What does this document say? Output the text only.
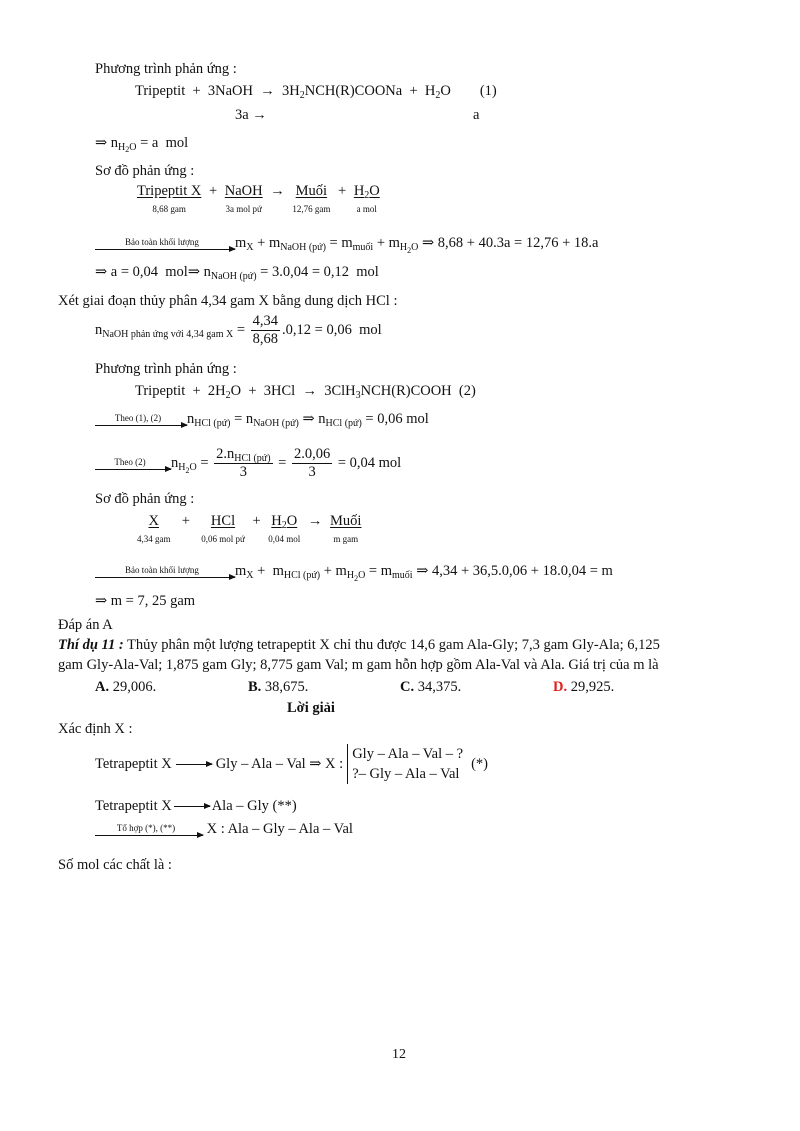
Phương trình phản ứng :
Tripeptit  +  3NaOH  →  $3H_2NCH(R)COONa + H_2O$        (1)
3a →	a
⇒ $n_{H_2O} = a$  mol
Sơ đồ phản ứng :
Tripeptit X
8,68 gam
+ NaOH
3a mol pứ
→ Muối
12,76 gam
+ $H_2O$
a mol
Bảo toàn khối lượng	$m_X + m_{NaOH (pứ)} = m_{muối} + m_{H_2O}$ ⇒ 8,68 + 40.3a = 12,76 + 18.a
⇒ a = 0,04  mol⇒ $n_{NaOH (pứ)} = 3.0,04 = 0,12$  mol
Xét giai đoạn thủy phân 4,34 gam X bằng dung dịch HCl :
$n_{NaOH phản ứng với 4,34 gam X} = \frac{4,34}{8,68} .0,12 = 0,06$  mol
Phương trình phản ứng :
Tripeptit  +  $2H_2O + 3HCl$  →  3ClH$_3$NCH(R)COOH  (2)
Theo (1), (2)	$n_{HCl (pứ)} = n_{NaOH (pứ)}$ ⇒ $n_{HCl (pứ)} = 0,06$ mol
Theo (2)	$n_{H_2O} = \frac{2.n_{HCl (pứ)}}{3} = \frac{2.0,06}{3} = 0,04$ mol
Sơ đồ phản ứng :
X
4,34 gam
+	HCl
0,06 mol pứ
+ $H_2O$
0,04 mol
→ Muối
m gam
Bảo toàn khối lượng	$m_X + m_{HCl (pứ)} + m_{H_2O} = m_{muối}$ ⇒ 4,34 + 36,5.0,06 + 18.0,04 = m
⇒ m = 7, 25 gam
Đáp án A
Thí dụ 11 : Thủy phân một lượng tetrapeptit X chỉ thu được 14,6 gam Ala-Gly; 7,3 gam Gly-Ala; 6,125
gam Gly-Ala-Val; 1,875 gam Gly; 8,775 gam Val; m gam hỗn hợp gồm Ala-Val và Ala. Giá trị của m là
A. 29,006.	B. 38,675.	C. 34,375.	D. 29,925.
Lời giải
Xác định X :
Tetrapeptit X	Gly – Ala – Val ⇒ X :
Gly – Ala – Val – ?
?– Gly – Ala – Val
(*)
Tetrapeptit X	Ala – Gly (**)
Tổ hợp (*), (**)	X : Ala – Gly – Ala – Val
Số mol các chất là :
12
